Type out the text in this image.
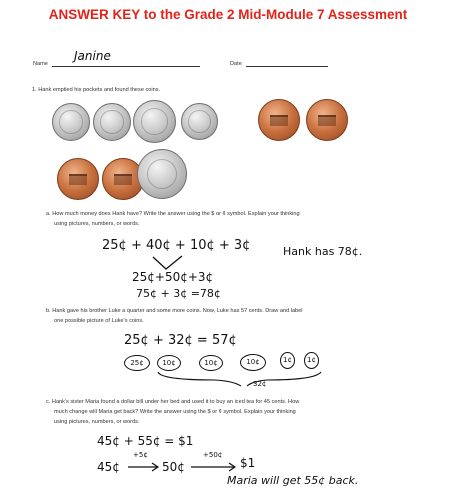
ANSWER KEY to the Grade 2 Mid-Module 7 Assessment
Name
Janine
Date
1. Hank emptied his pockets and found these coins.
a. How much money does Hank have? Write the answer using the $ or ¢ symbol. Explain your thinking
using pictures, numbers, or words.
25¢ + 40¢ + 10¢ + 3¢	Hank has 78¢.
25¢+50¢+3¢
75¢ + 3¢ =78¢
b. Hank gave his brother Luke a quarter and some more coins. Now, Luke has 57 cents. Draw and label
one possible picture of Luke's coins.
25¢ + 32¢ = 57¢
25¢	10¢	10¢	10¢	1¢	1¢
32¢
c. Hank's sister Maria found a dollar bill under her bed and used it to buy an iced tea for 45 cents. How
much change will Maria get back? Write the answer using the $ or ¢ symbol. Explain your thinking
using pictures, numbers, or words.
45¢ + 55¢ = $1
45¢
+5¢
50¢
+50¢
$1
Maria will get 55¢ back.
